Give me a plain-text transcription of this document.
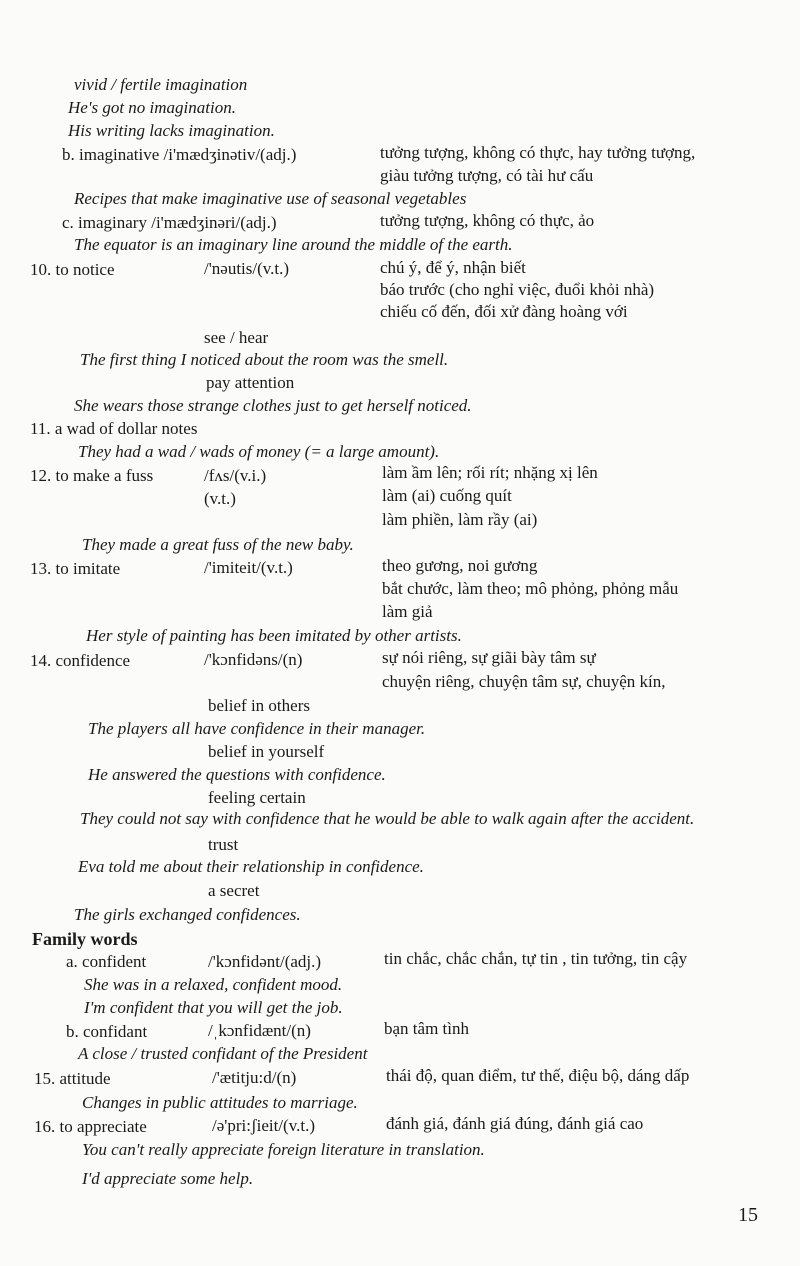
vivid / fertile imagination
He's got no imagination.
His writing lacks imagination.
b. imaginative /i'mædʒinətiv/(adj.)	tưởng tượng, không có thực, hay tưởng tượng,
giàu tưởng tượng, có tài hư cấu
Recipes that make imaginative use of seasonal vegetables
c. imaginary /i'mædʒinəri/(adj.)	tưởng tượng, không có thực, ảo
The equator is an imaginary line around the middle of the earth.
10. to notice	/'nəutis/(v.t.)	chú ý, để ý, nhận biết
báo trước (cho nghỉ việc, đuổi khỏi nhà)
chiếu cố đến, đối xử đàng hoàng với
see / hear
The first thing I noticed about the room was the smell.
pay attention
She wears those strange clothes just to get herself noticed.
11. a wad of dollar notes
They had a wad / wads of money (= a large amount).
12. to make a fuss	/fʌs/(v.i.)	làm ầm lên; rối rít; nhặng xị lên
(v.t.)	làm (ai) cuống quít
làm phiền, làm rầy (ai)
They made a great fuss of the new baby.
13. to imitate	/'imiteit/(v.t.)	theo gương, noi gương
bắt chước, làm theo; mô phỏng, phỏng mẫu
làm giả
Her style of painting has been imitated by other artists.
14. confidence	/'kɔnfidəns/(n)	sự nói riêng, sự giãi bày tâm sự
chuyện riêng, chuyện tâm sự, chuyện kín,
belief in others
The players all have confidence in their manager.
belief in yourself
He answered the questions with confidence.
feeling certain
They could not say with confidence that he would be able to walk again after the accident.
trust
Eva told me about their relationship in confidence.
a secret
The girls exchanged confidences.
Family words
a. confident	/'kɔnfidənt/(adj.)	tin chắc, chắc chắn, tự tin , tin tưởng, tin cậy
She was in a relaxed, confident mood.
I'm confident that you will get the job.
b. confidant	/ˌkɔnfidænt/(n)	bạn tâm tình
A close / trusted confidant of the President
15. attitude	/'ætitju:d/(n)	thái độ, quan điểm, tư thế, điệu bộ, dáng dấp
Changes in public attitudes to marriage.
16. to appreciate	/ə'pri:ʃieit/(v.t.)	đánh giá, đánh giá đúng, đánh giá cao
You can't really appreciate foreign literature in translation.
I'd appreciate some help.
15
